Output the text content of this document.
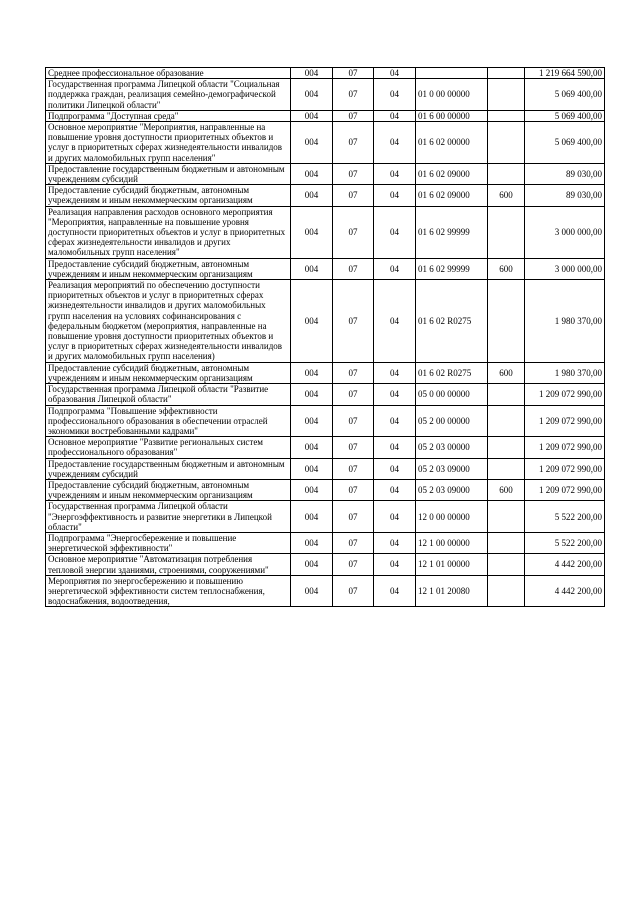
Среднее профессиональное образование	004	07	04			1 219 664 590,00
Государственная программа Липецкой области "Социальная поддержка граждан, реализация семейно-демографической политики Липецкой области"	004	07	04	01 0 00 00000		5 069 400,00
Подпрограмма "Доступная среда"	004	07	04	01 6 00 00000		5 069 400,00
Основное мероприятие "Мероприятия, направленные на повышение уровня доступности приоритетных объектов и услуг в приоритетных сферах жизнедеятельности инвалидов и других маломобильных групп населения"	004	07	04	01 6 02 00000		5 069 400,00
Предоставление государственным бюджетным и автономным учреждениям субсидий	004	07	04	01 6 02 09000		89 030,00
Предоставление субсидий бюджетным, автономным учреждениям и иным некоммерческим организациям	004	07	04	01 6 02 09000	600	89 030,00
Реализация направления расходов основного мероприятия "Мероприятия, направленные на повышение уровня доступности приоритетных объектов и услуг в приоритетных сферах жизнедеятельности инвалидов и других маломобильных групп населения"	004	07	04	01 6 02 99999		3 000 000,00
Предоставление субсидий бюджетным, автономным учреждениям и иным некоммерческим организациям	004	07	04	01 6 02 99999	600	3 000 000,00
Реализация мероприятий по обеспечению доступности приоритетных объектов и услуг в приоритетных сферах жизнедеятельности инвалидов и других маломобильных групп населения на условиях софинансирования с федеральным бюджетом (мероприятия, направленные на повышение уровня доступности приоритетных объектов и услуг в приоритетных сферах жизнедеятельности инвалидов и других маломобильных групп населения)	004	07	04	01 6 02 R0275		1 980 370,00
Предоставление субсидий бюджетным, автономным учреждениям и иным некоммерческим организациям	004	07	04	01 6 02 R0275	600	1 980 370,00
Государственная программа Липецкой области "Развитие образования Липецкой области"	004	07	04	05 0 00 00000		1 209 072 990,00
Подпрограмма "Повышение эффективности профессионального образования в обеспечении отраслей экономики востребованными кадрами"	004	07	04	05 2 00 00000		1 209 072 990,00
Основное мероприятие "Развитие региональных систем профессионального образования"	004	07	04	05 2 03 00000		1 209 072 990,00
Предоставление государственным бюджетным и автономным учреждениям субсидий	004	07	04	05 2 03 09000		1 209 072 990,00
Предоставление субсидий бюджетным, автономным учреждениям и иным некоммерческим организациям	004	07	04	05 2 03 09000	600	1 209 072 990,00
Государственная программа Липецкой области "Энергоэффективность и развитие энергетики в Липецкой области"	004	07	04	12 0 00 00000		5 522 200,00
Подпрограмма "Энергосбережение и повышение энергетической эффективности"	004	07	04	12 1 00 00000		5 522 200,00
Основное мероприятие "Автоматизация потребления тепловой энергии зданиями, строениями, сооружениями"	004	07	04	12 1 01 00000		4 442 200,00
Мероприятия по энергосбережению и повышению энергетической эффективности систем теплоснабжения, водоснабжения, водоотведения,	004	07	04	12 1 01 20080		4 442 200,00
